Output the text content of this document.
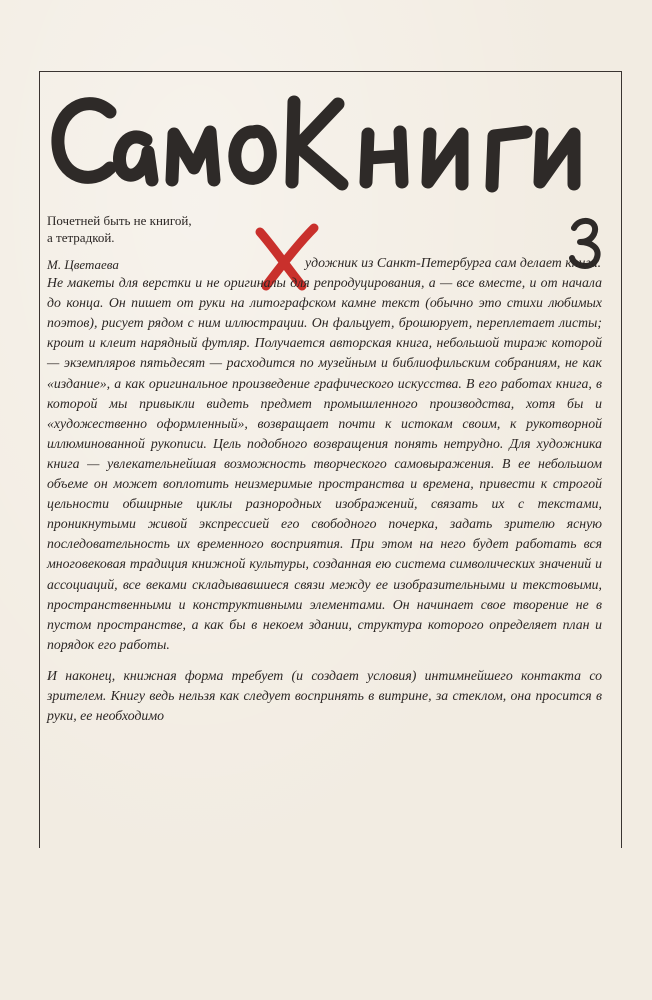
Почетней быть не книгой,
а тетрадкой.
М. Цветаева	удожник из Санкт-Петербурга сам делает книги.
Не макеты для верстки и не оригиналы для репродуцирования, а — все вместе, и от начала до конца. Он пишет от руки на литографском камне текст (обычно это стихи любимых поэтов), рисует рядом с ним иллюстрации. Он фальцует, брошюрует, переплетает листы; кроит и клеит нарядный футляр. Получается авторская книга, небольшой тираж которой — экземпляров пятьдесят — расходится по музейным и библиофильским собраниям, не как «издание», а как оригинальное произведение графического искусства. В его работах книга, в которой мы привыкли видеть предмет промышленного производства, хотя бы и «художественно оформленный», возвращает почти к истокам своим, к рукотворной иллюминованной рукописи. Цель подобного возвращения понять нетрудно. Для художника книга — увлекательнейшая возможность творческого самовыражения. В ее небольшом объеме он может воплотить неизмеримые пространства и времена, привести к строгой цельности обширные циклы разнородных изображений, связать их с текстами, проникнутыми живой экспрессией его свободного почерка, задать зрителю ясную последовательность их временного восприятия. При этом на него будет работать вся многовековая традиция книжной культуры, созданная ею система символических значений и ассоциаций, все веками складывавшиеся связи между ее изобразительными и текстовыми, пространственными и конструктивными элементами. Он начинает свое творение не в пустом пространстве, а как бы в некоем здании, структура которого определяет план и порядок его работы.
И наконец, книжная форма требует (и создает условия) интимнейшего контакта со зрителем. Книгу ведь нельзя как следует воспринять в витрине, за стеклом, она просится в руки, ее необходимо
